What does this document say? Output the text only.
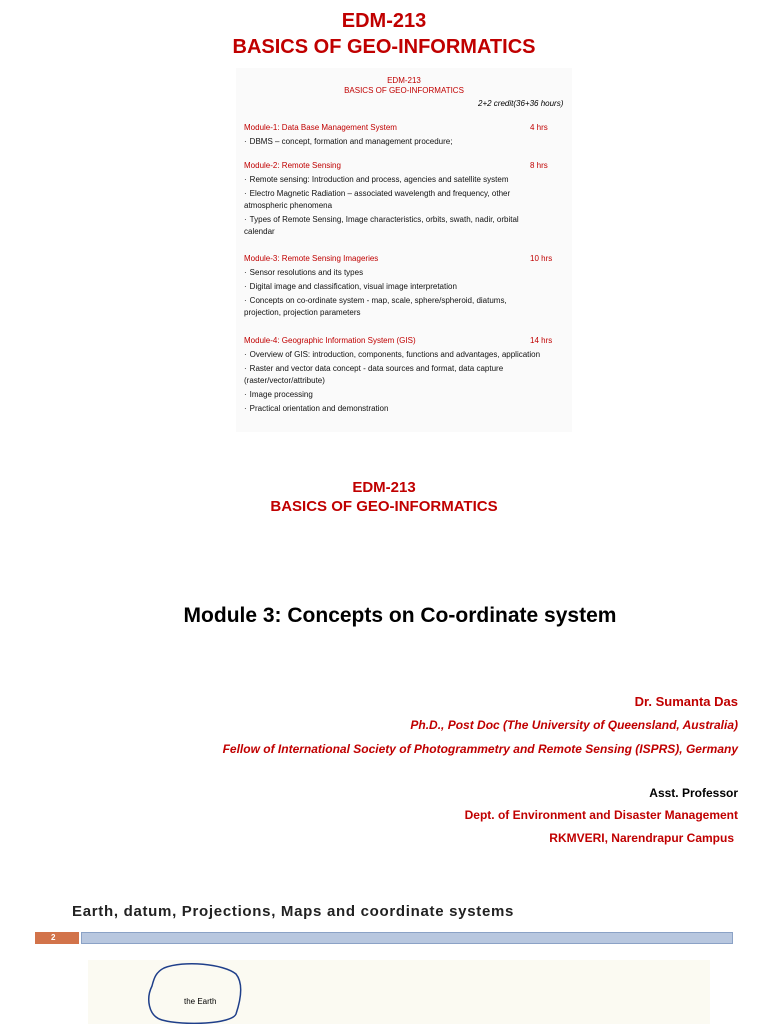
EDM-213
BASICS OF GEO-INFORMATICS
EDM-213
BASICS OF GEO-INFORMATICS
2+2 credit(36+36 hours)
Module-1: Data Base Management System	4 hrs
· DBMS – concept, formation and management procedure;
Module-2: Remote Sensing	8 hrs
· Remote sensing: Introduction and process, agencies and satellite system
· Electro Magnetic Radiation – associated wavelength and frequency, other atmospheric phenomena
· Types of Remote Sensing, Image characteristics, orbits, swath, nadir, orbital calendar
Module-3: Remote Sensing Imageries	10 hrs
· Sensor resolutions and its types
· Digital image and classification, visual image interpretation
· Concepts on co-ordinate system - map, scale, sphere/spheroid, diatums, projection, projection parameters
Module-4: Geographic Information System (GIS)	14 hrs
· Overview of GIS: introduction, components, functions and advantages, application
· Raster and vector data concept - data sources and format, data capture (raster/vector/attribute)
· Image processing
· Practical orientation and demonstration
EDM-213
BASICS OF GEO-INFORMATICS
Module 3: Concepts on Co-ordinate system
Dr. Sumanta Das
Ph.D., Post Doc (The University of Queensland, Australia)
Fellow of International Society of Photogrammetry and Remote Sensing (ISPRS), Germany
Asst. Professor
Dept. of Environment and Disaster Management
RKMVERI, Narendrapur Campus
Earth, datum, Projections, Maps and coordinate systems
2
the Earth
